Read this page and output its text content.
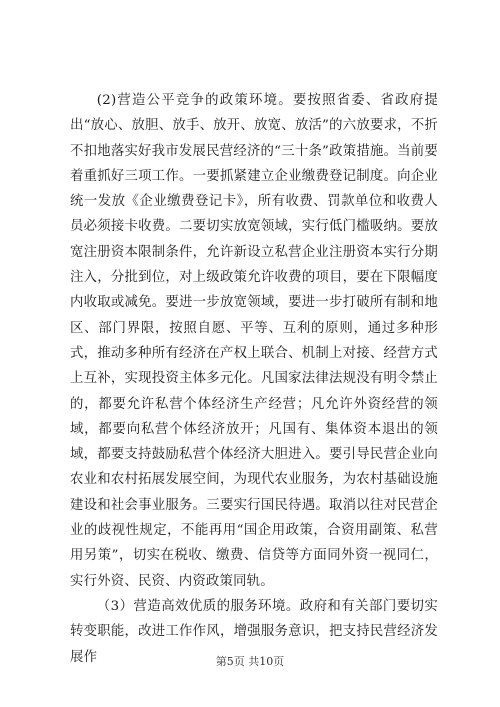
(2)营造公平竞争的政策环境。要按照省委、省政府提出“放心、放胆、放手、放开、放宽、放活”的六放要求，不折不扣地落实好我市发展民营经济的“三十条”政策措施。当前要着重抓好三项工作。一要抓紧建立企业缴费登记制度。向企业统一发放《企业缴费登记卡》，所有收费、罚款单位和收费人员必须接卡收费。二要切实放宽领域，实行低门槛吸纳。要放宽注册资本限制条件，允许新设立私营企业注册资本实行分期注入，分批到位，对上级政策允许收费的项目，要在下限幅度内收取或减免。要进一步放宽领域，要进一步打破所有制和地区、部门界限，按照自愿、平等、互利的原则，通过多种形式，推动多种所有经济在产权上联合、机制上对接、经营方式上互补，实现投资主体多元化。凡国家法律法规没有明令禁止的，都要允许私营个体经济生产经营；凡允许外资经营的领域，都要向私营个体经济放开；凡国有、集体资本退出的领域，都要支持鼓励私营个体经济大胆进入。要引导民营企业向农业和农村拓展发展空间，为现代农业服务，为农村基础设施建设和社会事业服务。三要实行国民待遇。取消以往对民营企业的歧视性规定，不能再用“国企用政策，合资用副策、私营用另策”，切实在税收、缴费、信贷等方面同外资一视同仁，实行外资、民资、内资政策同轨。

（3）营造高效优质的服务环境。政府和有关部门要切实转变职能，改进工作作风，增强服务意识，把支持民营经济发展作	第5页 共10页
